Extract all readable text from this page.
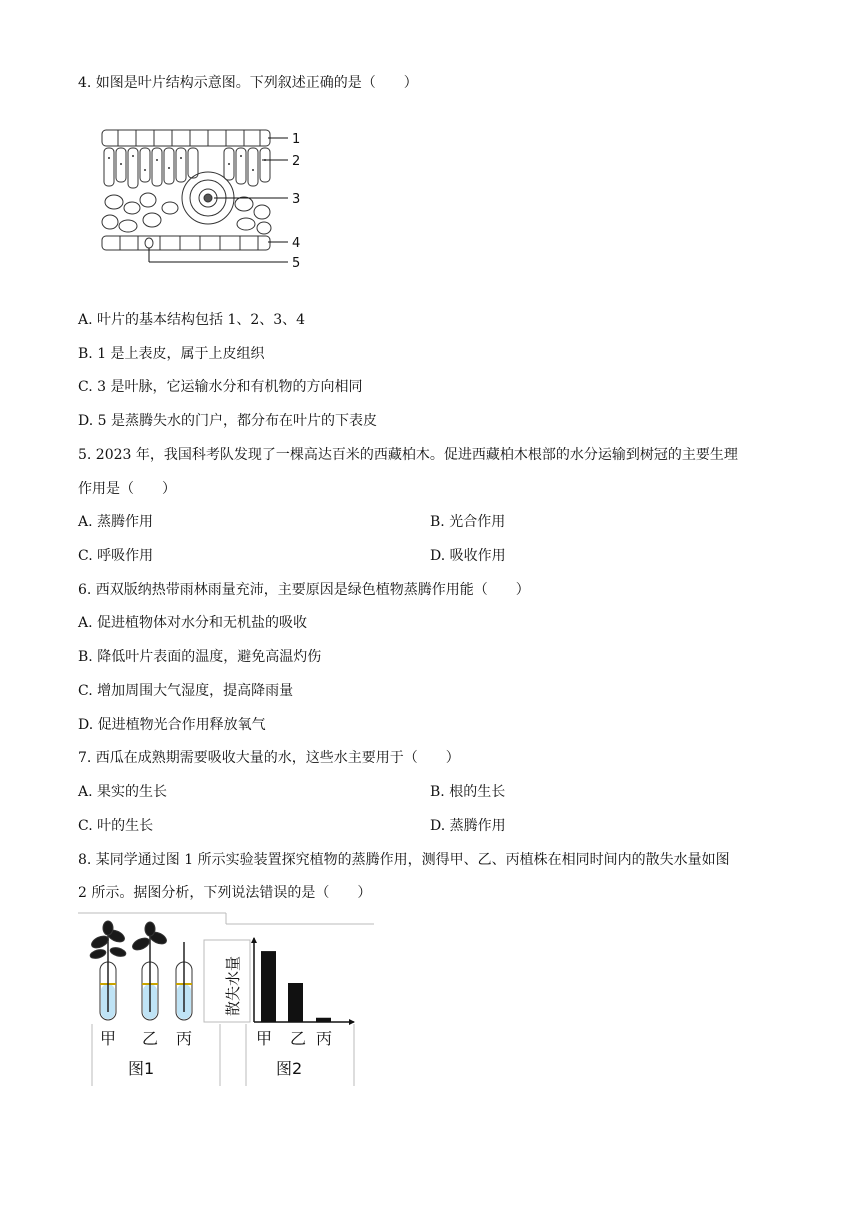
4. 如图是叶片结构示意图。下列叙述正确的是（　　）
1
2
3
4
5
A. 叶片的基本结构包括 1、2、3、4
B. 1 是上表皮，属于上皮组织
C. 3 是叶脉，它运输水分和有机物的方向相同
D. 5 是蒸腾失水的门户，都分布在叶片的下表皮
5. 2023 年，我国科考队发现了一棵高达百米的西藏柏木。促进西藏柏木根部的水分运输到树冠的主要生理
作用是（　　）
A. 蒸腾作用	B. 光合作用
C. 呼吸作用	D. 吸收作用
6. 西双版纳热带雨林雨量充沛，主要原因是绿色植物蒸腾作用能（　　）
A. 促进植物体对水分和无机盐的吸收
B. 降低叶片表面的温度，避免高温灼伤
C. 增加周围大气湿度，提高降雨量
D. 促进植物光合作用释放氧气
7. 西瓜在成熟期需要吸收大量的水，这些水主要用于（　　）
A. 果实的生长	B. 根的生长
C. 叶的生长	D. 蒸腾作用
8. 某同学通过图 1 所示实验装置探究植物的蒸腾作用，测得甲、乙、丙植株在相同时间内的散失水量如图
2 所示。据图分析，下列说法错误的是（　　）
甲 乙 丙
图1
散失水量
甲 乙 丙
图2
